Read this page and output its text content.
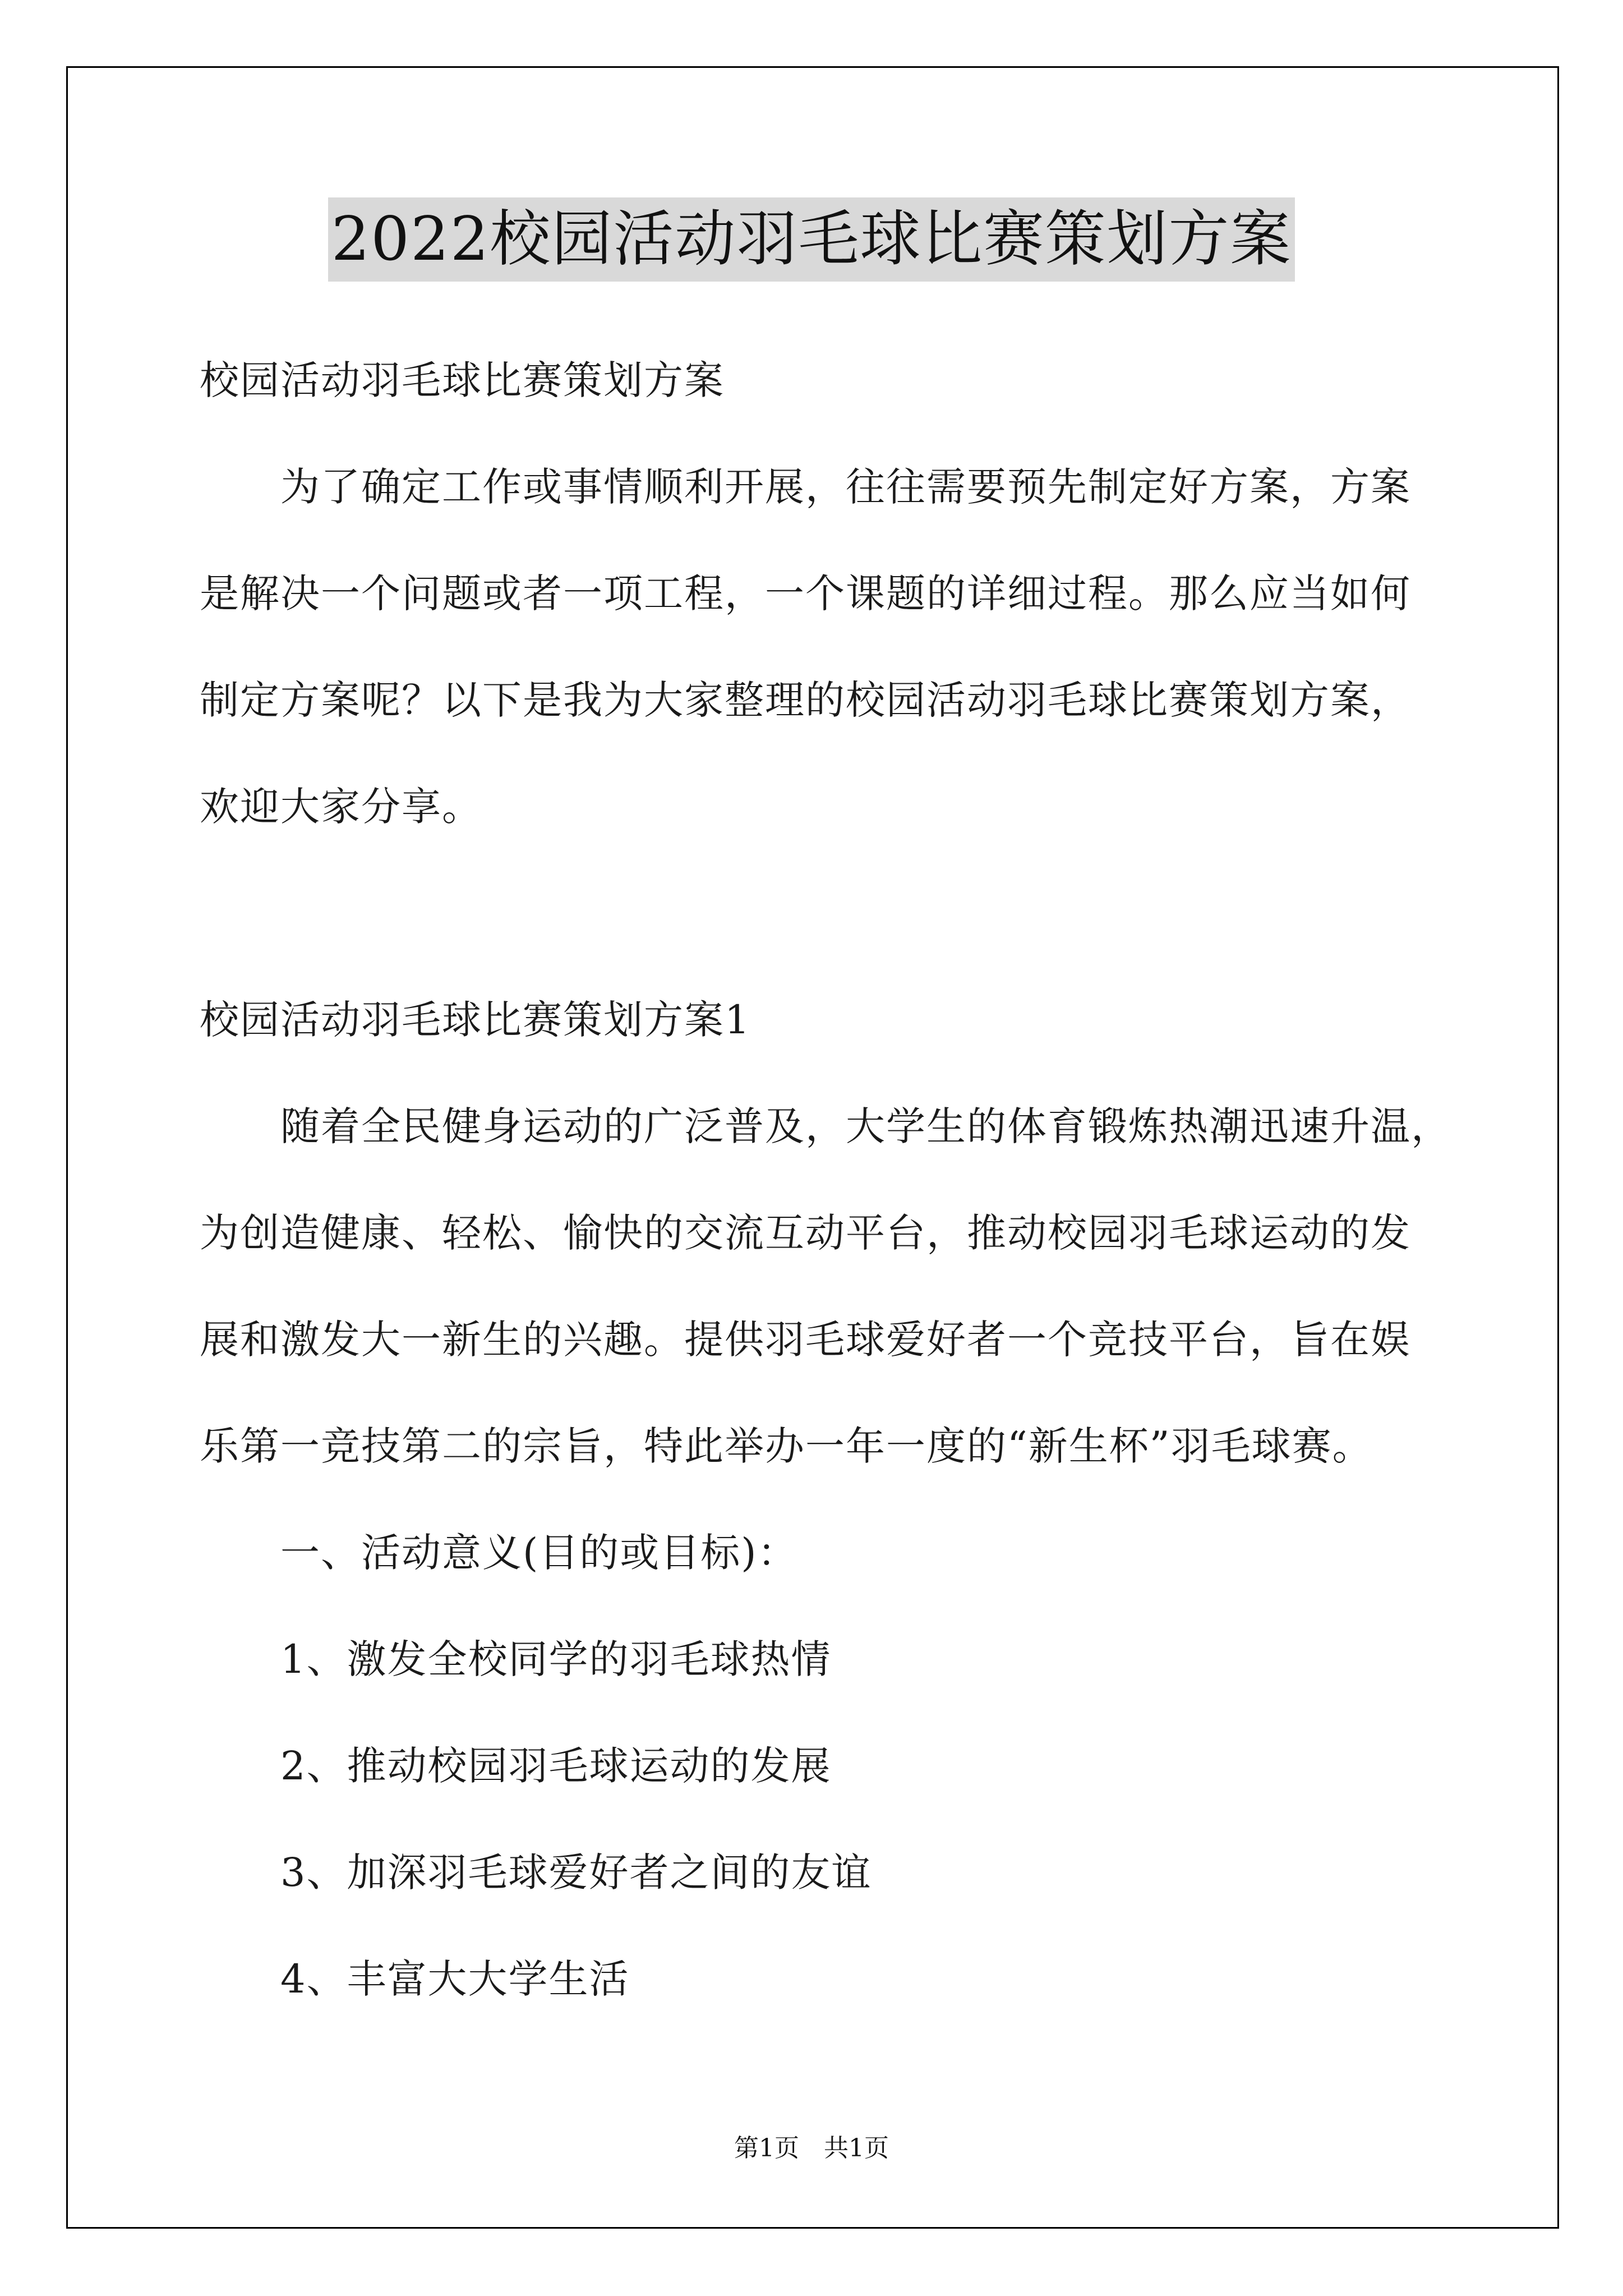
2022校园活动羽毛球比赛策划方案
校园活动羽毛球比赛策划方案
为了确定工作或事情顺利开展，往往需要预先制定好方案，方案
是解决一个问题或者一项工程，一个课题的详细过程。那么应当如何
制定方案呢？以下是我为大家整理的校园活动羽毛球比赛策划方案，
欢迎大家分享。
校园活动羽毛球比赛策划方案1
随着全民健身运动的广泛普及，大学生的体育锻炼热潮迅速升温，
为创造健康、轻松、愉快的交流互动平台，推动校园羽毛球运动的发
展和激发大一新生的兴趣。提供羽毛球爱好者一个竞技平台，旨在娱
乐第一竞技第二的宗旨，特此举办一年一度的“新生杯”羽毛球赛。
一、活动意义(目的或目标)：
1、激发全校同学的羽毛球热情
2、推动校园羽毛球运动的发展
3、加深羽毛球爱好者之间的友谊
4、丰富大大学生活
第1页　共1页
